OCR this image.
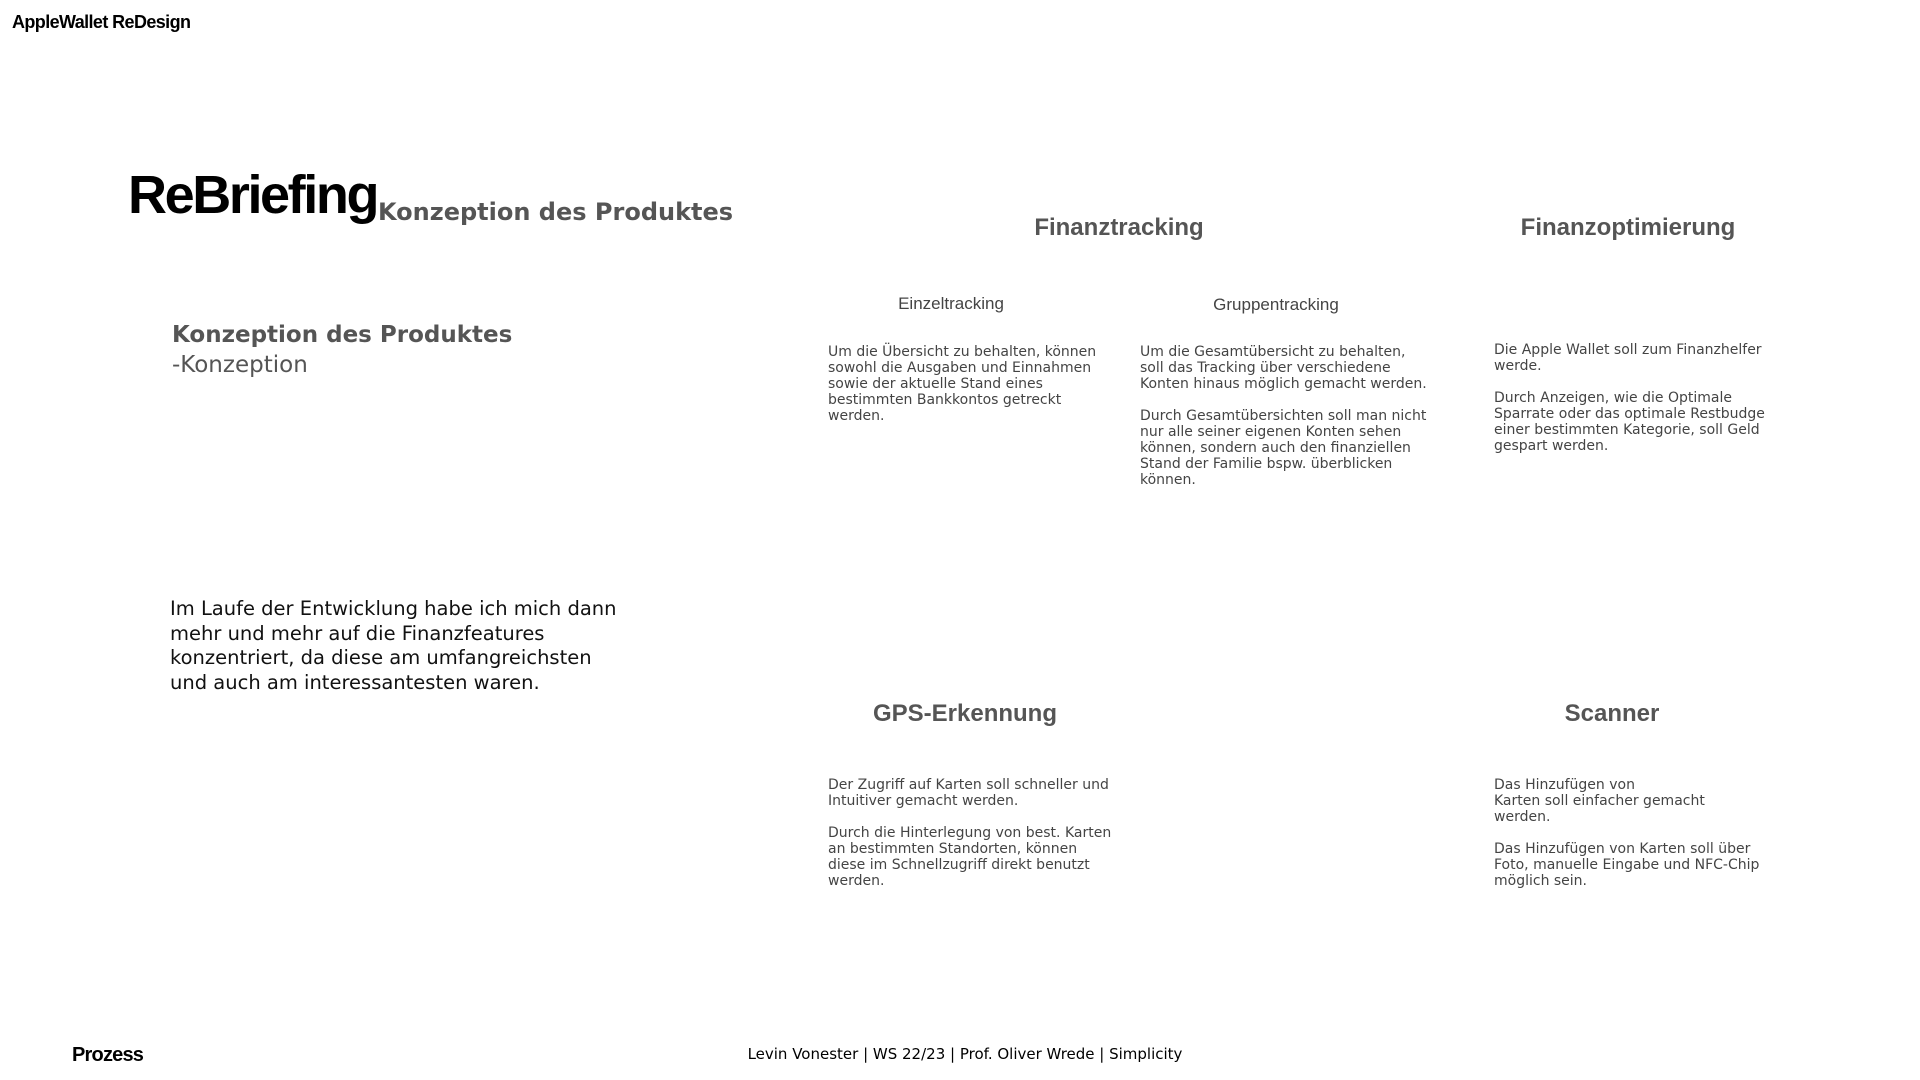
AppleWallet ReDesign
ReBriefing Konzeption des Produktes
Konzeption des Produktes
-Konzeption
Im Laufe der Entwicklung habe ich mich dann mehr und mehr auf die Finanzfeatures konzentriert, da diese am umfangreichsten und auch am interessantesten waren.
Finanztracking
Einzeltracking

Um die Übersicht zu behalten, können
sowohl die Ausgaben und Einnahmen
sowie der aktuelle Stand eines
bestimmten Bankkontos getreckt
werden.

Gruppentracking

Um die Gesamtübersicht zu behalten,
soll das Tracking über verschiedene
Konten hinaus möglich gemacht werden.

Durch Gesamtübersichten soll man nicht
nur alle seiner eigenen Konten sehen
können, sondern auch den finanziellen
Stand der Familie bspw. überblicken
können.

Finanzoptimierung

Die Apple Wallet soll zum Finanzhelfer
werde.

Durch Anzeigen, wie die Optimale
Sparrate oder das optimale Restbudge
einer bestimmten Kategorie, soll Geld
gespart werden.

GPS-Erkennung

Der Zugriff auf Karten soll schneller und
Intuitiver gemacht werden.

Durch die Hinterlegung von best. Karten
an bestimmten Standorten, können
diese im Schnellzugriff direkt benutzt
werden.

Scanner

Das Hinzufügen von
Karten soll einfacher gemacht
werden.

Das Hinzufügen von Karten soll über
Foto, manuelle Eingabe und NFC-Chip
möglich sein.

Prozess	Levin Vonester | WS 22/23 | Prof. Oliver Wrede | Simplicity
